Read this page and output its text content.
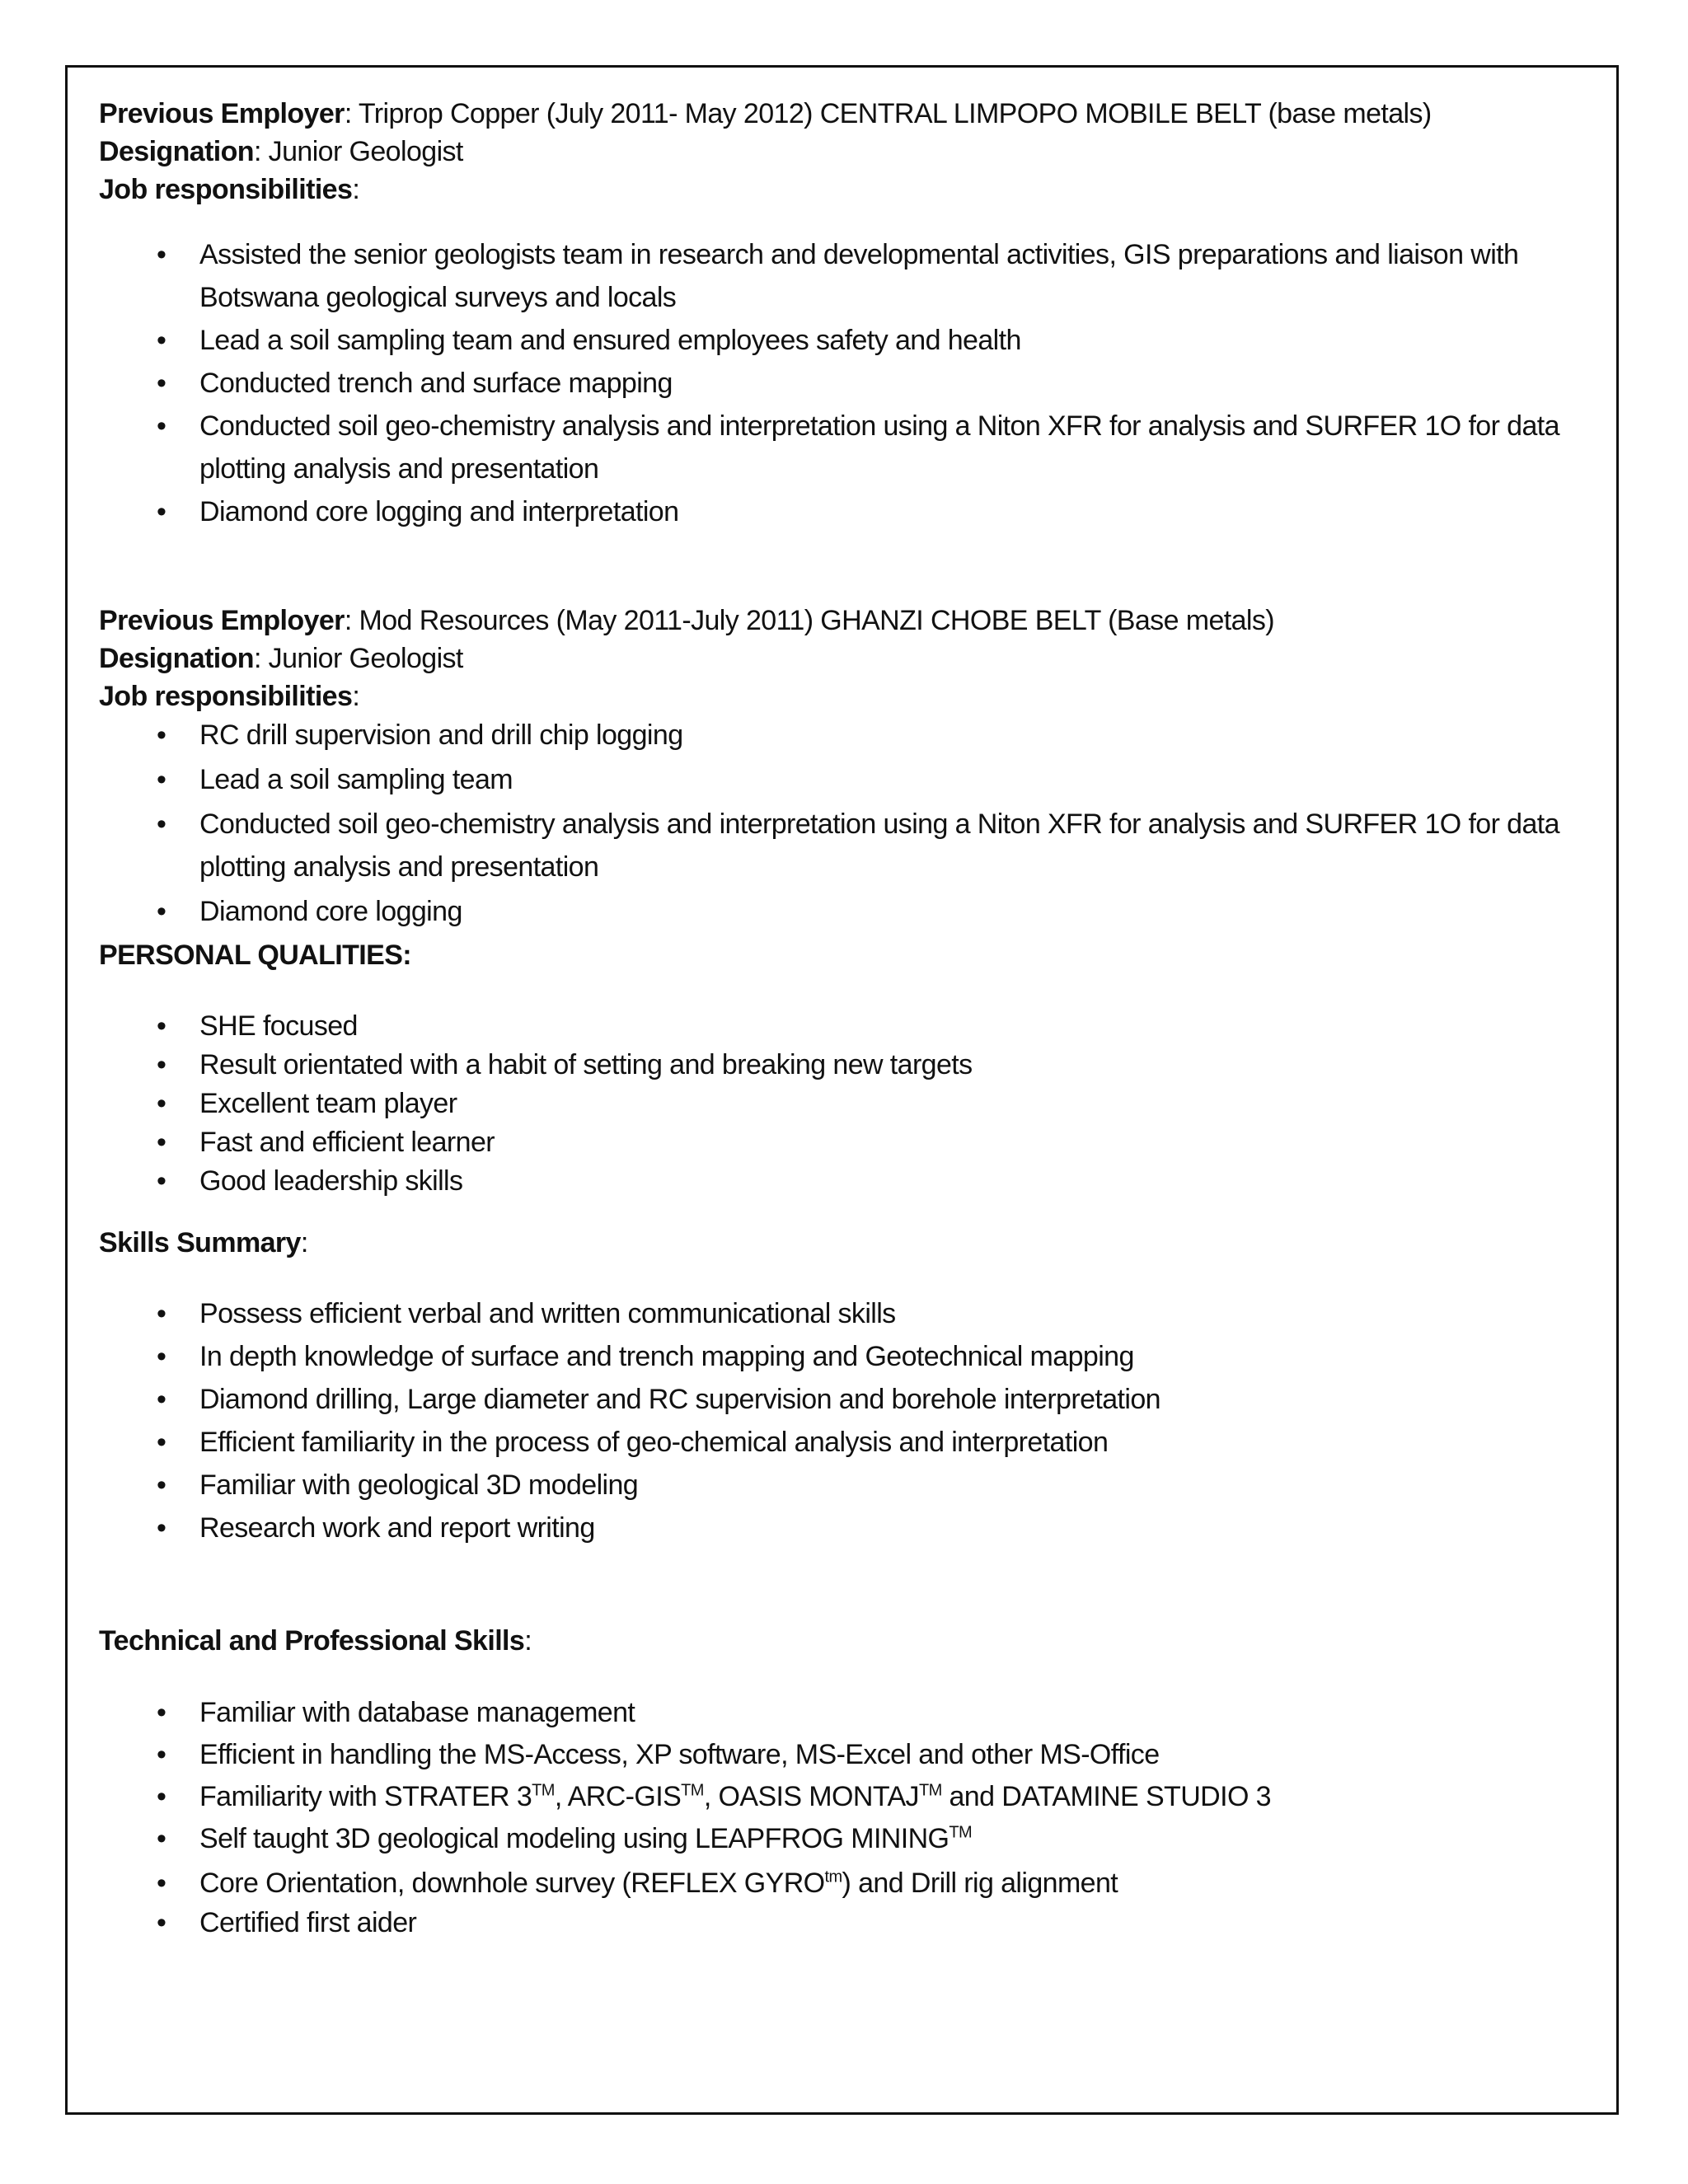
Previous Employer: Triprop Copper (July 2011- May 2012) CENTRAL LIMPOPO MOBILE BELT (base metals)
Designation: Junior Geologist
Job responsibilities:
• Assisted the senior geologists team in research and developmental activities, GIS preparations and liaison with
Botswana geological surveys and locals
• Lead a soil sampling team and ensured employees safety and health
• Conducted trench and surface mapping
• Conducted soil geo-chemistry analysis and interpretation using a Niton XFR for analysis and SURFER 1O for data
plotting analysis and presentation
• Diamond core logging and interpretation
Previous Employer: Mod Resources (May 2011-July 2011) GHANZI CHOBE BELT (Base metals)
Designation: Junior Geologist
Job responsibilities:
• RC drill supervision and drill chip logging
• Lead a soil sampling team
• Conducted soil geo-chemistry analysis and interpretation using a Niton XFR for analysis and SURFER 1O for data
plotting analysis and presentation
• Diamond core logging
PERSONAL QUALITIES:
• SHE focused
• Result orientated with a habit of setting and breaking new targets
• Excellent team player
• Fast and efficient learner
• Good leadership skills
Skills Summary:
• Possess efficient verbal and written communicational skills
• In depth knowledge of surface and trench mapping and Geotechnical mapping
• Diamond drilling, Large diameter and RC supervision and borehole interpretation
• Efficient familiarity in the process of geo-chemical analysis and interpretation
• Familiar with geological 3D modeling
• Research work and report writing
Technical and Professional Skills:
• Familiar with database management
• Efficient in handling the MS-Access, XP software, MS-Excel and other MS-Office
• Familiarity with STRATER 3™, ARC-GIS™, OASIS MONTAJ™ and DATAMINE STUDIO 3
• Self taught 3D geological modeling using LEAPFROG MINING™
• Core Orientation, downhole survey (REFLEX $GYRO^{tm}$) and Drill rig alignment
• Certified first aider
